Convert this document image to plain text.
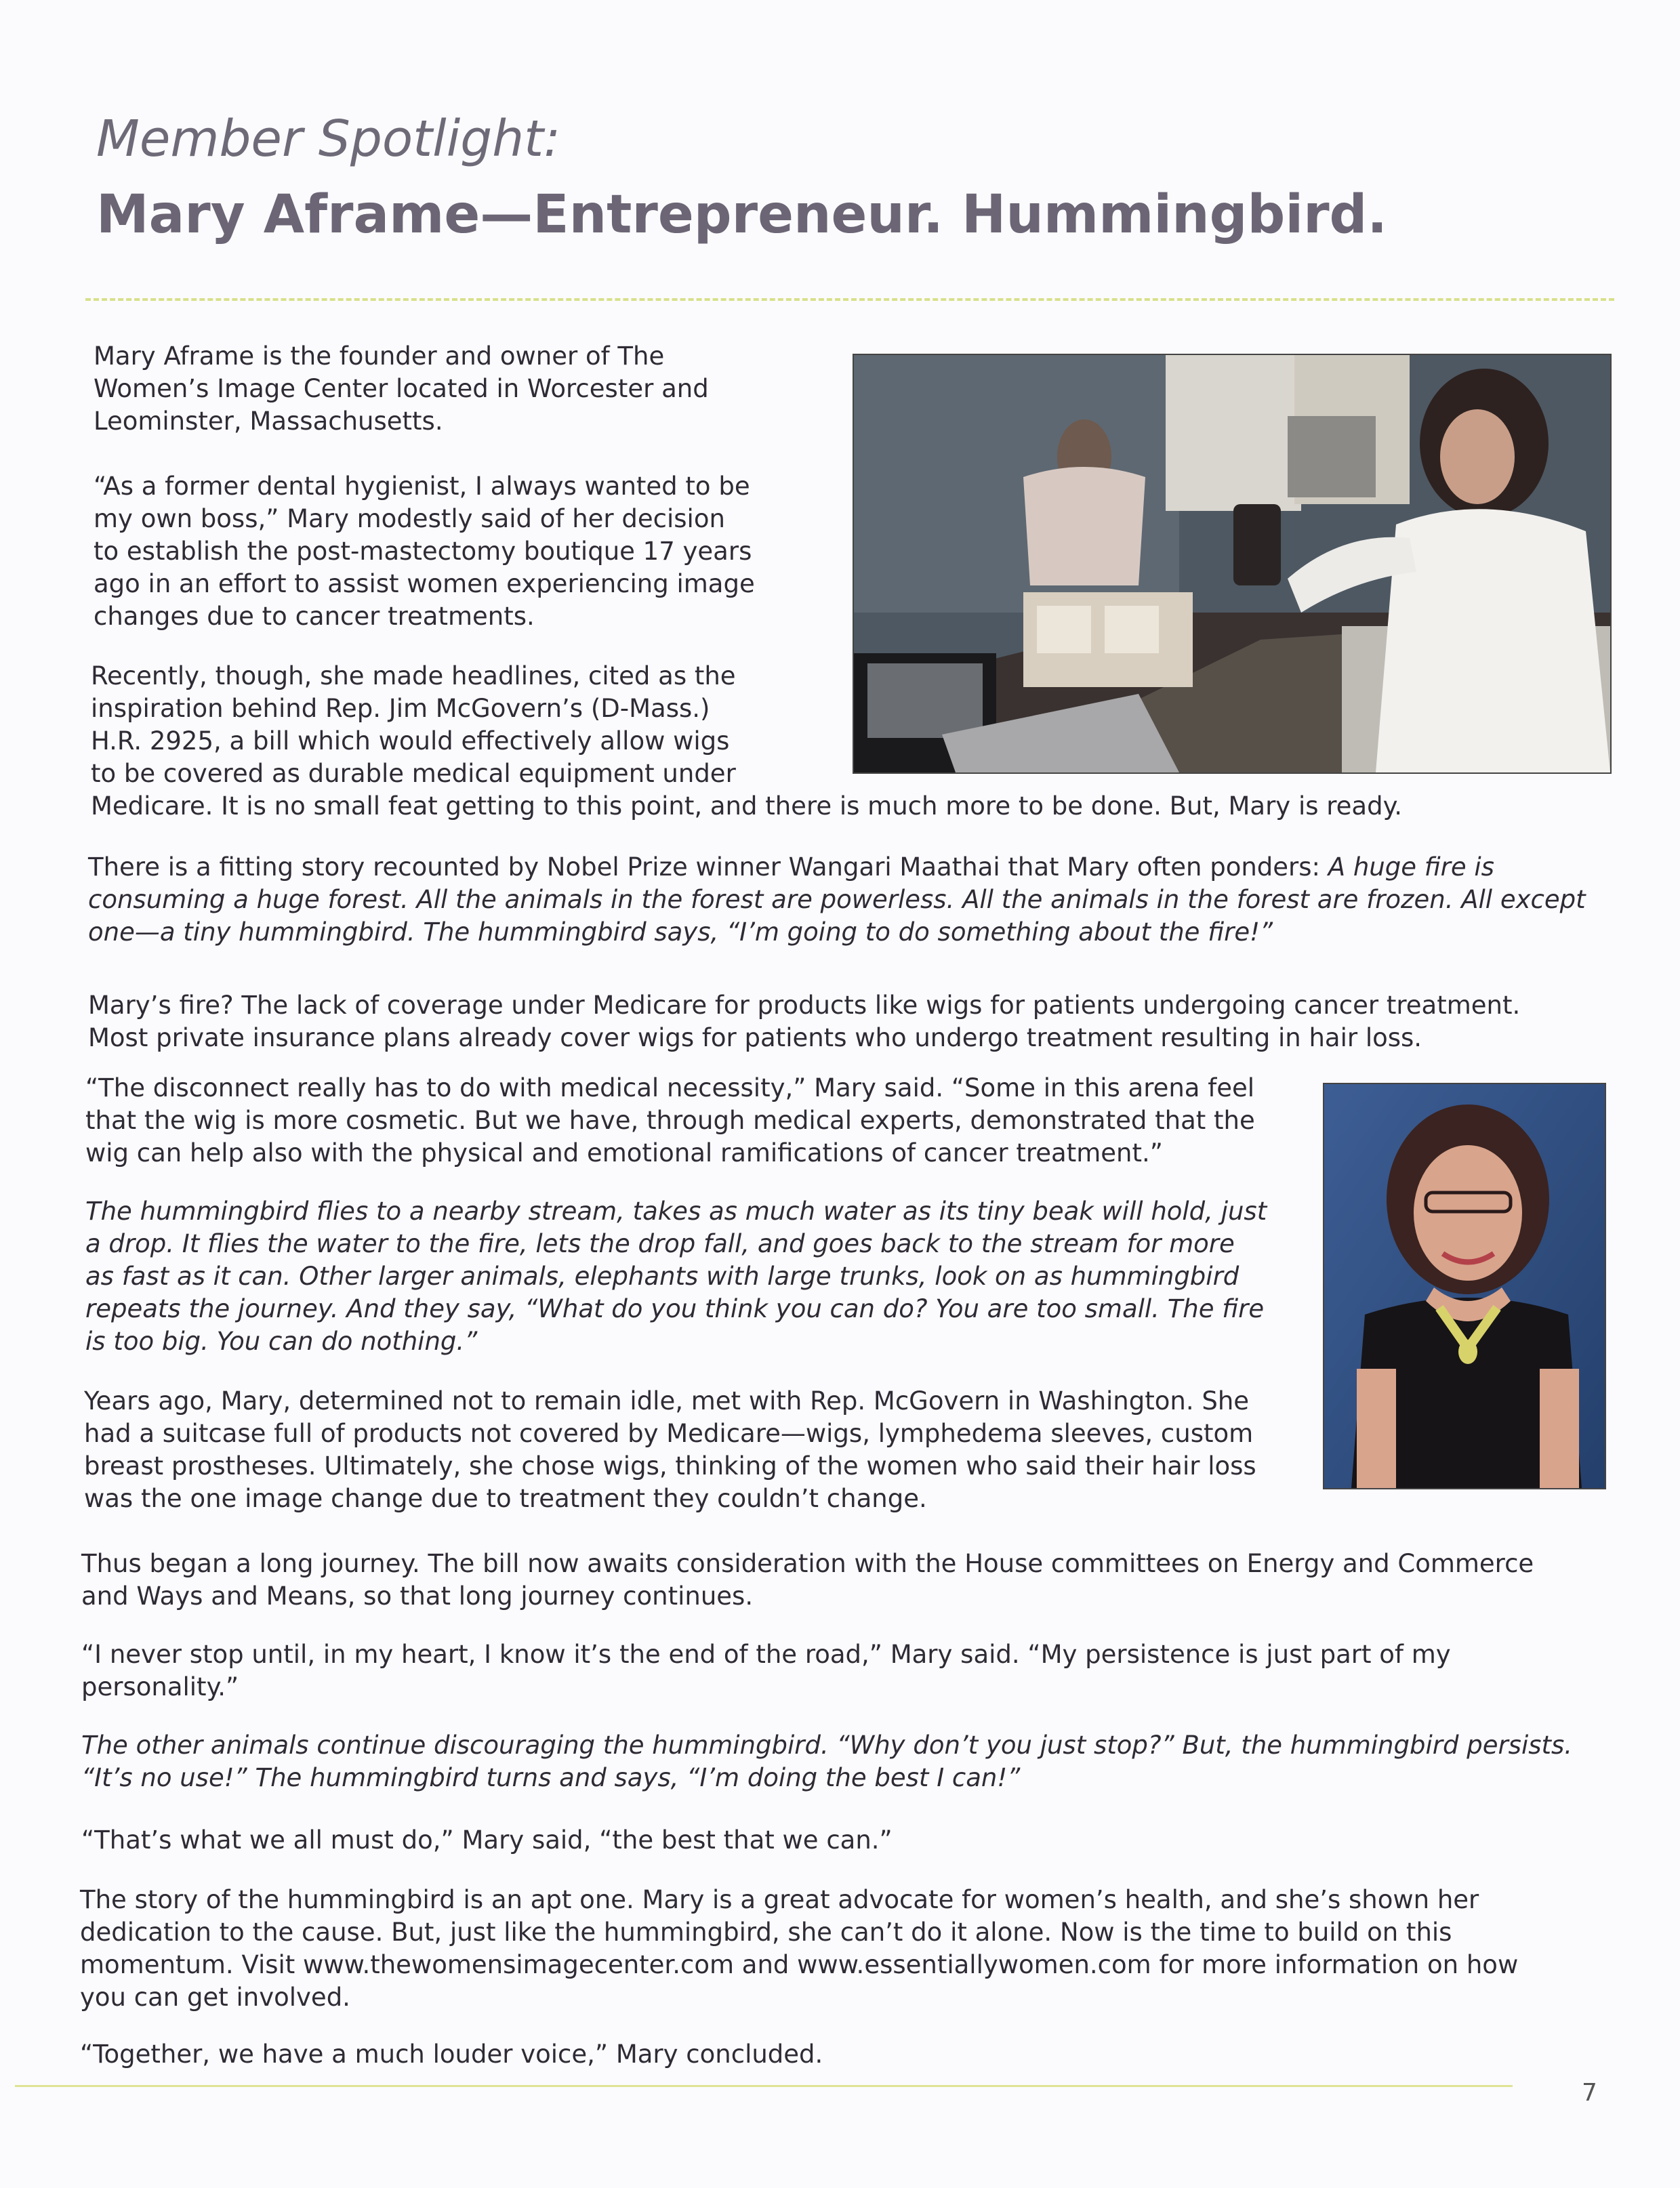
Member Spotlight:
Mary Aframe—Entrepreneur. Hummingbird.

Mary Aframe is the founder and owner of The
Women’s Image Center located in Worcester and
Leominster, Massachusetts.

“As a former dental hygienist, I always wanted to be
my own boss,” Mary modestly said of her decision
to establish the post-mastectomy boutique 17 years
ago in an effort to assist women experiencing image
changes due to cancer treatments.

Recently, though, she made headlines, cited as the
inspiration behind Rep. Jim McGovern’s (D-Mass.)
H.R. 2925, a bill which would effectively allow wigs
to be covered as durable medical equipment under
Medicare. It is no small feat getting to this point, and there is much more to be done. But, Mary is ready.

There is a fitting story recounted by Nobel Prize winner Wangari Maathai that Mary often ponders: A huge fire is consuming a huge forest. All the animals in the forest are powerless. All the animals in the forest are frozen. All except one—a tiny hummingbird. The hummingbird says, “I’m going to do something about the fire!”

Mary’s fire? The lack of coverage under Medicare for products like wigs for patients undergoing cancer treatment.
Most private insurance plans already cover wigs for patients who undergo treatment resulting in hair loss.

“The disconnect really has to do with medical necessity,” Mary said. “Some in this arena feel
that the wig is more cosmetic. But we have, through medical experts, demonstrated that the
wig can help also with the physical and emotional ramifications of cancer treatment.”

The hummingbird flies to a nearby stream, takes as much water as its tiny beak will hold, just
a drop. It flies the water to the fire, lets the drop fall, and goes back to the stream for more
as fast as it can. Other larger animals, elephants with large trunks, look on as hummingbird
repeats the journey. And they say, “What do you think you can do? You are too small. The fire
is too big. You can do nothing.”

Years ago, Mary, determined not to remain idle, met with Rep. McGovern in Washington. She
had a suitcase full of products not covered by Medicare—wigs, lymphedema sleeves, custom
breast prostheses. Ultimately, she chose wigs, thinking of the women who said their hair loss
was the one image change due to treatment they couldn’t change.

Thus began a long journey. The bill now awaits consideration with the House committees on Energy and Commerce
and Ways and Means, so that long journey continues.

“I never stop until, in my heart, I know it’s the end of the road,” Mary said. “My persistence is just part of my
personality.”

The other animals continue discouraging the hummingbird. “Why don’t you just stop?” But, the hummingbird persists.
“It’s no use!” The hummingbird turns and says, “I’m doing the best I can!”

“That’s what we all must do,” Mary said, “the best that we can.”

The story of the hummingbird is an apt one. Mary is a great advocate for women’s health, and she’s shown her
dedication to the cause. But, just like the hummingbird, she can’t do it alone. Now is the time to build on this
momentum. Visit www.thewomensimagecenter.com and www.essentiallywomen.com for more information on how
you can get involved.

“Together, we have a much louder voice,” Mary concluded.

7
